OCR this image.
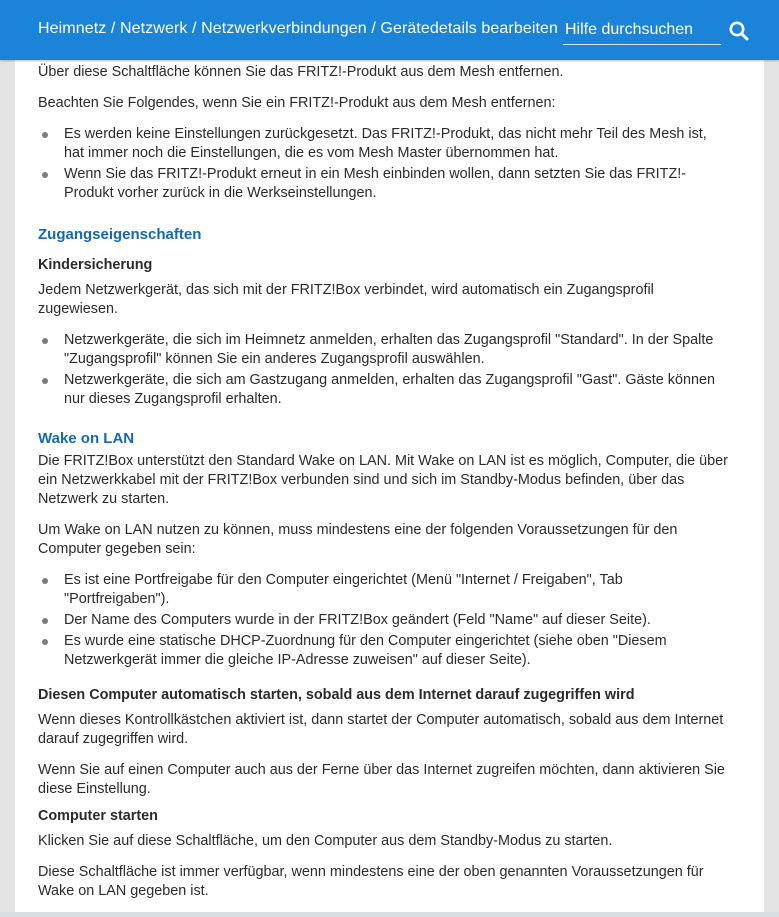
Über diese Schaltfläche können Sie das FRITZ!-Produkt aus dem Mesh entfernen.

Beachten Sie Folgendes, wenn Sie ein FRITZ!-Produkt aus dem Mesh entfernen:

Es werden keine Einstellungen zurückgesetzt. Das FRITZ!-Produkt, das nicht mehr Teil des Mesh ist, hat immer noch die Einstellungen, die es vom Mesh Master übernommen hat.
Wenn Sie das FRITZ!-Produkt erneut in ein Mesh einbinden wollen, dann setzten Sie das FRITZ!-Produkt vorher zurück in die Werkseinstellungen.
Zugangseigenschaften
Kindersicherung

Jedem Netzwerkgerät, das sich mit der FRITZ!Box verbindet, wird automatisch ein Zugangsprofil zugewiesen.

Netzwerkgeräte, die sich im Heimnetz anmelden, erhalten das Zugangsprofil "Standard". In der Spalte "Zugangsprofil" können Sie ein anderes Zugangsprofil auswählen.
Netzwerkgeräte, die sich am Gastzugang anmelden, erhalten das Zugangsprofil "Gast". Gäste können nur dieses Zugangsprofil erhalten.
Wake on LAN

Die FRITZ!Box unterstützt den Standard Wake on LAN. Mit Wake on LAN ist es möglich, Computer, die über ein Netzwerkkabel mit der FRITZ!Box verbunden sind und sich im Standby-Modus befinden, über das Netzwerk zu starten.

Um Wake on LAN nutzen zu können, muss mindestens eine der folgenden Voraussetzungen für den Computer gegeben sein:

Es ist eine Portfreigabe für den Computer eingerichtet (Menü "Internet / Freigaben", Tab "Portfreigaben").
Der Name des Computers wurde in der FRITZ!Box geändert (Feld "Name" auf dieser Seite).
Es wurde eine statische DHCP-Zuordnung für den Computer eingerichtet (siehe oben "Diesem Netzwerkgerät immer die gleiche IP-Adresse zuweisen" auf dieser Seite).
Diesen Computer automatisch starten, sobald aus dem Internet darauf zugegriffen wird

Wenn dieses Kontrollkästchen aktiviert ist, dann startet der Computer automatisch, sobald aus dem Internet darauf zugegriffen wird.

Wenn Sie auf einen Computer auch aus der Ferne über das Internet zugreifen möchten, dann aktivieren Sie diese Einstellung.

Computer starten

Klicken Sie auf diese Schaltfläche, um den Computer aus dem Standby-Modus zu starten.

Diese Schaltfläche ist immer verfügbar, wenn mindestens eine der oben genannten Voraussetzungen für Wake on LAN gegeben ist.

Heimnetz / Netzwerk / Netzwerkverbindungen / Gerätedetails bearbeiten
Hilfe durchsuchen
